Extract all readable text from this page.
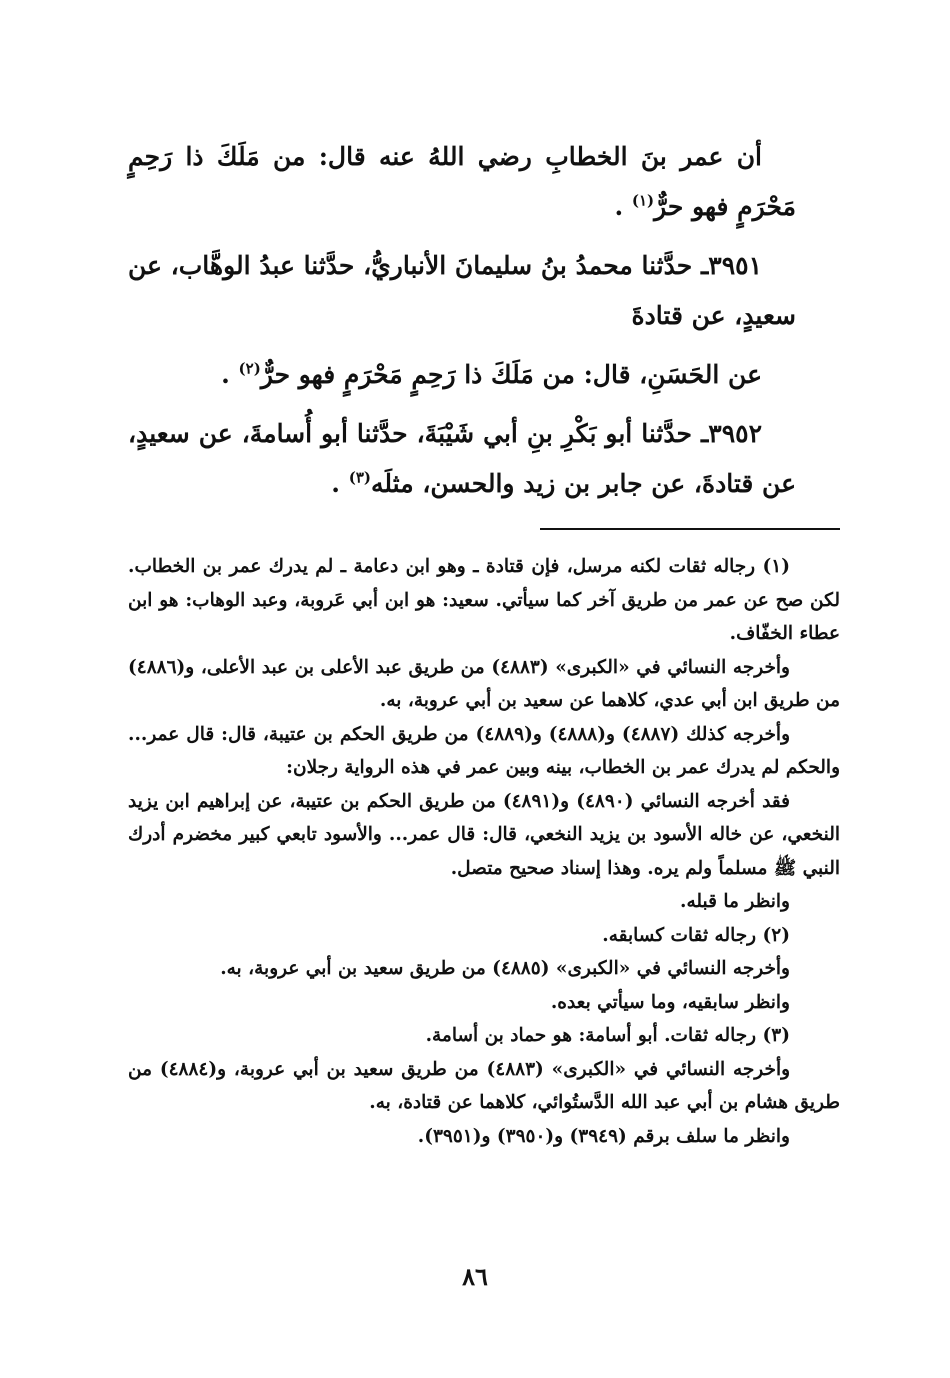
أن عمر بنَ الخطابِ رضي اللهُ عنه قال: من مَلَكَ ذا رَحِمٍ مَحْرَمٍ فهو حرٌّ$^{(١)}$ .

٣٩٥١ـ حدَّثنا محمدُ بنُ سليمانَ الأنباريُّ، حدَّثنا عبدُ الوهَّاب، عن سعيدٍ، عن قتادةَ

عن الحَسَنِ، قال: من مَلَكَ ذا رَحِمٍ مَحْرَمٍ فهو حرٌّ$^{(٢)}$ .

٣٩٥٢ـ حدَّثنا أبو بَكْرِ بنِ أبي شَيْبَةَ، حدَّثنا أبو أُسامةَ، عن سعيدٍ، عن قتادةَ، عن جابر بن زيد والحسن، مثلَه$^{(٣)}$ .

(١) رجاله ثقات لكنه مرسل، فإن قتادة ـ وهو ابن دعامة ـ لم يدرك عمر بن الخطاب. لكن صح عن عمر من طريق آخر كما سيأتي. سعيد: هو ابن أبي عَروبة، وعبد الوهاب: هو ابن عطاء الخفّاف.

وأخرجه النسائي في «الكبرى» (٤٨٨٣) من طريق عبد الأعلى بن عبد الأعلى، و(٤٨٨٦) من طريق ابن أبي عدي، كلاهما عن سعيد بن أبي عروبة، به.

وأخرجه كذلك (٤٨٨٧) و(٤٨٨٨) و(٤٨٨٩) من طريق الحكم بن عتيبة، قال: قال عمر... والحكم لم يدرك عمر بن الخطاب، بينه وبين عمر في هذه الرواية رجلان:

فقد أخرجه النسائي (٤٨٩٠) و(٤٨٩١) من طريق الحكم بن عتيبة، عن إبراهيم ابن يزيد النخعي، عن خاله الأسود بن يزيد النخعي، قال: قال عمر... والأسود تابعي كبير مخضرم أدرك النبي ﷺ مسلماً ولم يره. وهذا إسناد صحيح متصل.

وانظر ما قبله.

(٢) رجاله ثقات كسابقه.

وأخرجه النسائي في «الكبرى» (٤٨٨٥) من طريق سعيد بن أبي عروبة، به.

وانظر سابقيه، وما سيأتي بعده.

(٣) رجاله ثقات. أبو أسامة: هو حماد بن أسامة.

وأخرجه النسائي في «الكبرى» (٤٨٨٣) من طريق سعيد بن أبي عروبة، و(٤٨٨٤) من طريق هشام بن أبي عبد الله الدَّستُوائي، كلاهما عن قتادة، به.

وانظر ما سلف برقم (٣٩٤٩) و(٣٩٥٠) و(٣٩٥١).

٨٦
